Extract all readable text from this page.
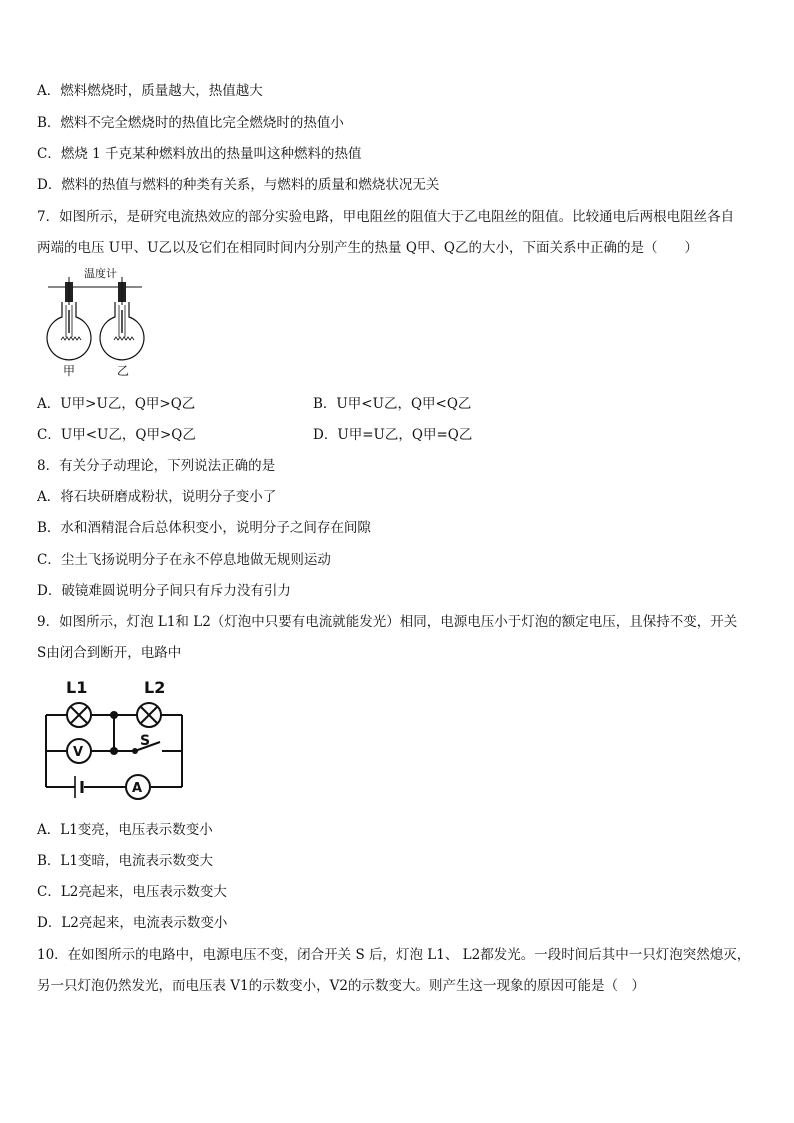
A．燃料燃烧时，质量越大，热值越大
B．燃料不完全燃烧时的热值比完全燃烧时的热值小
C．燃烧 1 千克某种燃料放出的热量叫这种燃料的热值
D．燃料的热值与燃料的种类有关系，与燃料的质量和燃烧状况无关
7．如图所示，是研究电流热效应的部分实验电路，甲电阻丝的阻值大于乙电阻丝的阻值。比较通电后两根电阻丝各自
两端的电压 U甲、U乙以及它们在相同时间内分别产生的热量 Q甲、Q乙的大小，下面关系中正确的是（　　）
温度计
甲	乙
A．U甲>U乙，Q甲>Q乙	B．U甲<U乙，Q甲<Q乙
C．U甲<U乙，Q甲>Q乙	D．U甲=U乙，Q甲=Q乙
8．有关分子动理论，下列说法正确的是
A．将石块研磨成粉状，说明分子变小了
B．水和酒精混合后总体积变小，说明分子之间存在间隙
C．尘土飞扬说明分子在永不停息地做无规则运动
D．破镜难圆说明分子间只有斥力没有引力
9．如图所示，灯泡 L1和 L2（灯泡中只要有电流就能发光）相同，电源电压小于灯泡的额定电压，且保持不变，开关
S由闭合到断开，电路中
V
A
L1	L2
S
A．L1变亮，电压表示数变小
B．L1变暗，电流表示数变大
C．L2亮起来，电压表示数变大
D．L2亮起来，电流表示数变小
10．在如图所示的电路中，电源电压不变，闭合开关 S 后，灯泡 L1、 L2都发光。一段时间后其中一只灯泡突然熄灭，
另一只灯泡仍然发光，而电压表 V1的示数变小，V2的示数变大。则产生这一现象的原因可能是（　）
